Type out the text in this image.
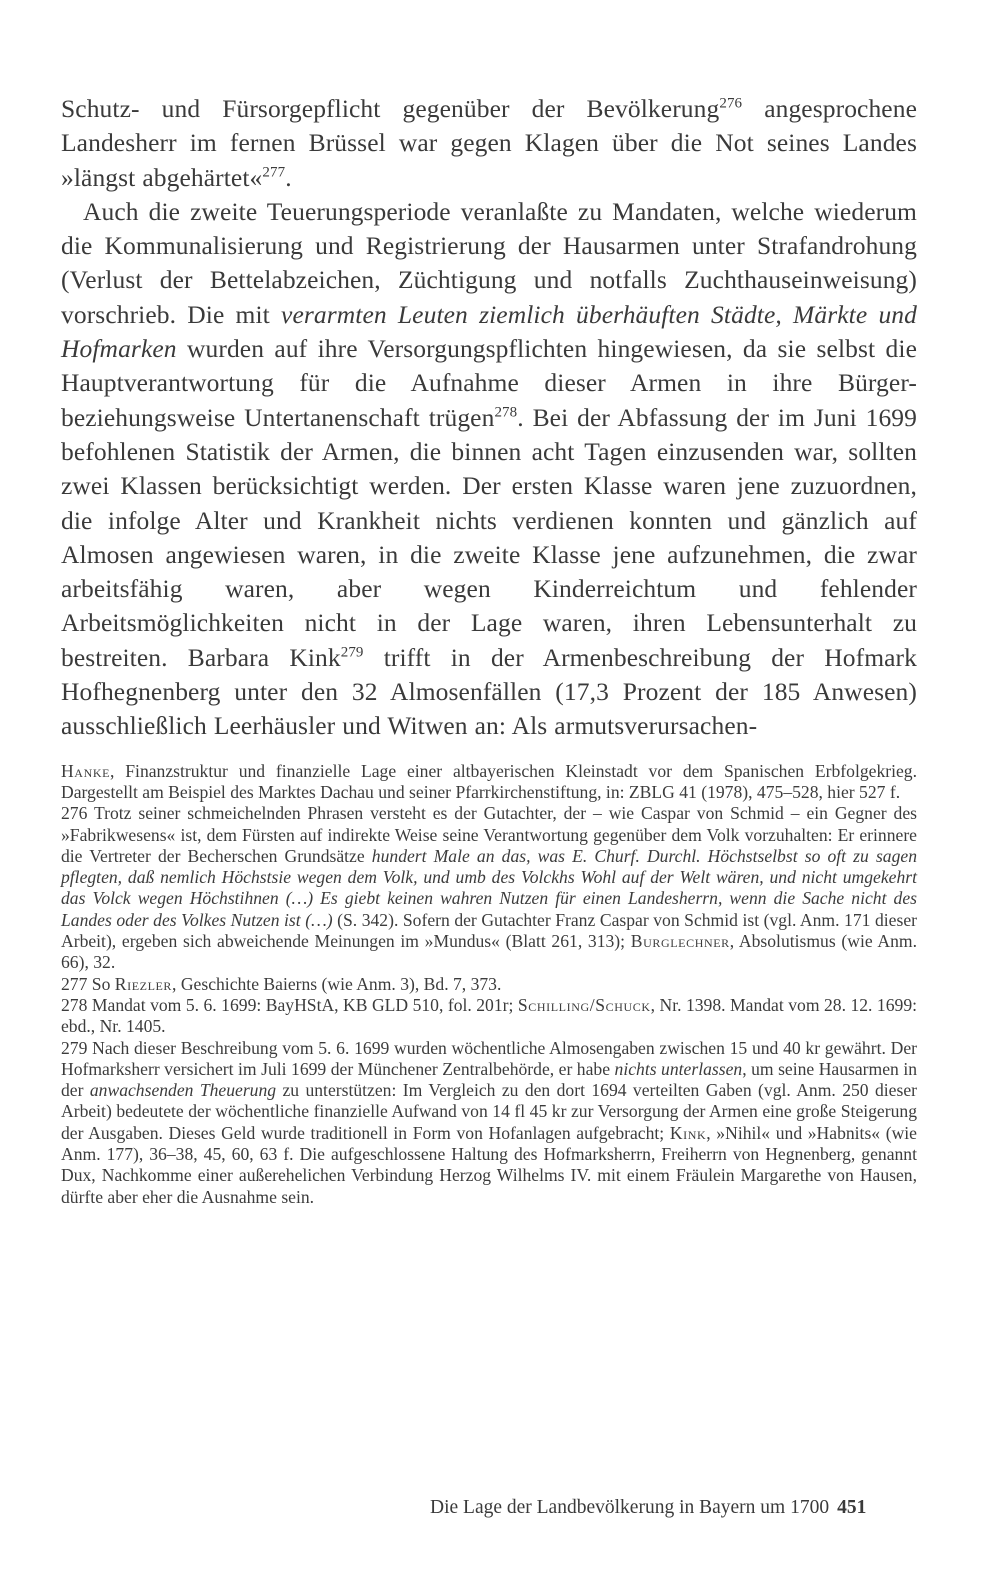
Schutz- und Fürsorgepflicht gegenüber der Bevölkerung$^{276}$ angesprochene Landesherr im fernen Brüssel war gegen Klagen über die Not seines Landes »längst abgehärtet«$^{277}$.

Auch die zweite Teuerungsperiode veranlaßte zu Mandaten, welche wiederum die Kommunalisierung und Registrierung der Hausarmen unter Strafandrohung (Verlust der Bettelabzeichen, Züchtigung und notfalls Zuchthauseinweisung) vorschrieb. Die mit verarmten Leuten ziemlich überhäuften Städte, Märkte und Hofmarken wurden auf ihre Versorgungspflichten hingewiesen, da sie selbst die Hauptverantwortung für die Aufnahme dieser Armen in ihre Bürger- beziehungsweise Untertanenschaft trügen$^{278}$. Bei der Abfassung der im Juni 1699 befohlenen Statistik der Armen, die binnen acht Tagen einzusenden war, sollten zwei Klassen berücksichtigt werden. Der ersten Klasse waren jene zuzuordnen, die infolge Alter und Krankheit nichts verdienen konnten und gänzlich auf Almosen angewiesen waren, in die zweite Klasse jene aufzunehmen, die zwar arbeitsfähig waren, aber wegen Kinderreichtum und fehlender Arbeitsmöglichkeiten nicht in der Lage waren, ihren Lebensunterhalt zu bestreiten. Barbara Kink$^{279}$ trifft in der Armenbeschreibung der Hofmark Hofhegnenberg unter den 32 Almosenfällen (17,3 Prozent der 185 Anwesen) ausschließlich Leerhäusler und Witwen an: Als armutsverursachen-

Hanke, Finanzstruktur und finanzielle Lage einer altbayerischen Kleinstadt vor dem Spanischen Erbfolgekrieg. Dargestellt am Beispiel des Marktes Dachau und seiner Pfarrkirchenstiftung, in: ZBLG 41 (1978), 475–528, hier 527 f.

276 Trotz seiner schmeichelnden Phrasen versteht es der Gutachter, der – wie Caspar von Schmid – ein Gegner des »Fabrikwesens« ist, dem Fürsten auf indirekte Weise seine Verantwortung gegenüber dem Volk vorzuhalten: Er erinnere die Vertreter der Becherschen Grundsätze hundert Male an das, was E. Churf. Durchl. Höchstselbst so oft zu sagen pflegten, daß nemlich Höchstsie wegen dem Volk, und umb des Volckhs Wohl auf der Welt wären, und nicht umgekehrt das Volck wegen Höchstihnen (…) Es giebt keinen wahren Nutzen für einen Landesherrn, wenn die Sache nicht des Landes oder des Volkes Nutzen ist (…) (S. 342). Sofern der Gutachter Franz Caspar von Schmid ist (vgl. Anm. 171 dieser Arbeit), ergeben sich abweichende Meinungen im »Mundus« (Blatt 261, 313); Burglechner, Absolutismus (wie Anm. 66), 32.

277 So Riezler, Geschichte Baierns (wie Anm. 3), Bd. 7, 373.

278 Mandat vom 5. 6. 1699: BayHStA, KB GLD 510, fol. 201r; Schilling/Schuck, Nr. 1398. Mandat vom 28. 12. 1699: ebd., Nr. 1405.

279 Nach dieser Beschreibung vom 5. 6. 1699 wurden wöchentliche Almosengaben zwischen 15 und 40 kr gewährt. Der Hofmarksherr versichert im Juli 1699 der Münchener Zentralbehörde, er habe nichts unterlassen, um seine Hausarmen in der anwachsenden Theuerung zu unterstützen: Im Vergleich zu den dort 1694 verteilten Gaben (vgl. Anm. 250 dieser Arbeit) bedeutete der wöchentliche finanzielle Aufwand von 14 fl 45 kr zur Versorgung der Armen eine große Steigerung der Ausgaben. Dieses Geld wurde traditionell in Form von Hofanlagen aufgebracht; Kink, »Nihil« und »Habnits« (wie Anm. 177), 36–38, 45, 60, 63 f. Die aufgeschlossene Haltung des Hofmarksherrn, Freiherrn von Hegnenberg, genannt Dux, Nachkomme einer außerehelichen Verbindung Herzog Wilhelms IV. mit einem Fräulein Margarethe von Hausen, dürfte aber eher die Ausnahme sein.

Die Lage der Landbevölkerung in Bayern um 1700 451
